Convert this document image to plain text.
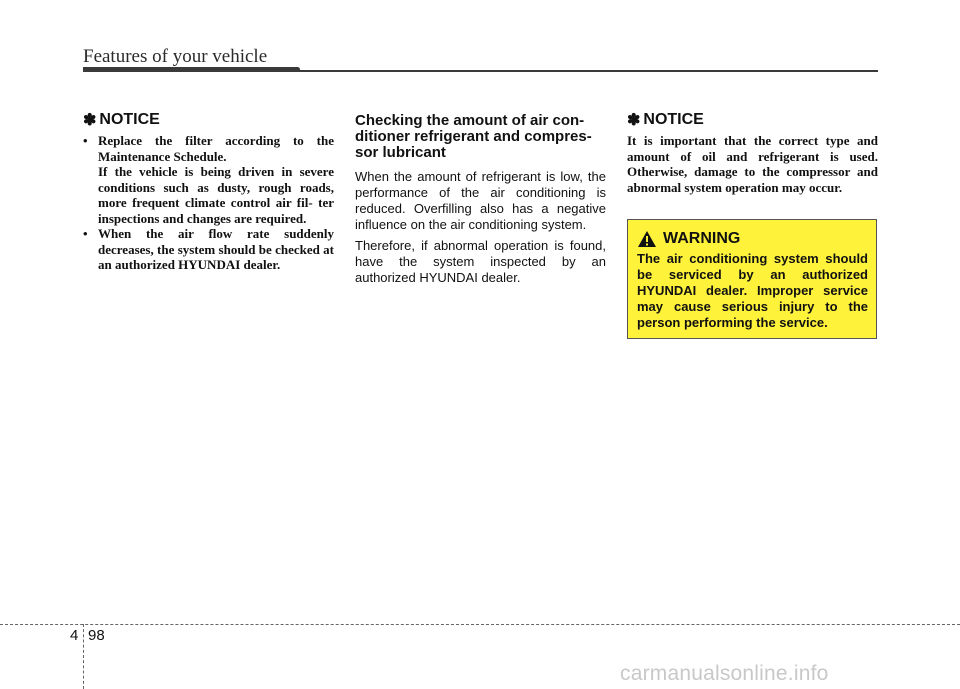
Features of your vehicle
✽ NOTICE
• Replace the filter according to the Maintenance Schedule.

If the vehicle is being driven in severe conditions such as dusty, rough roads, more frequent climate control air fil- ter inspections and changes are required.

• When the air flow rate suddenly decreases, the system should be checked at an authorized HYUNDAI dealer.
Checking the amount of air con- ditioner refrigerant and compres- sor lubricant

When the amount of refrigerant is low, the performance of the air conditioning is reduced. Overfilling also has a negative influence on the air conditioning system.

Therefore, if abnormal operation is found, have the system inspected by an authorized HYUNDAI dealer.

✽ NOTICE

It is important that the correct type and amount of oil and refrigerant is used. Otherwise, damage to the compressor and abnormal system operation may occur.

WARNING

The air conditioning system should be serviced by an authorized HYUNDAI dealer. Improper service may cause serious injury to the person performing the service.

4 98
carmanualsonline.info
